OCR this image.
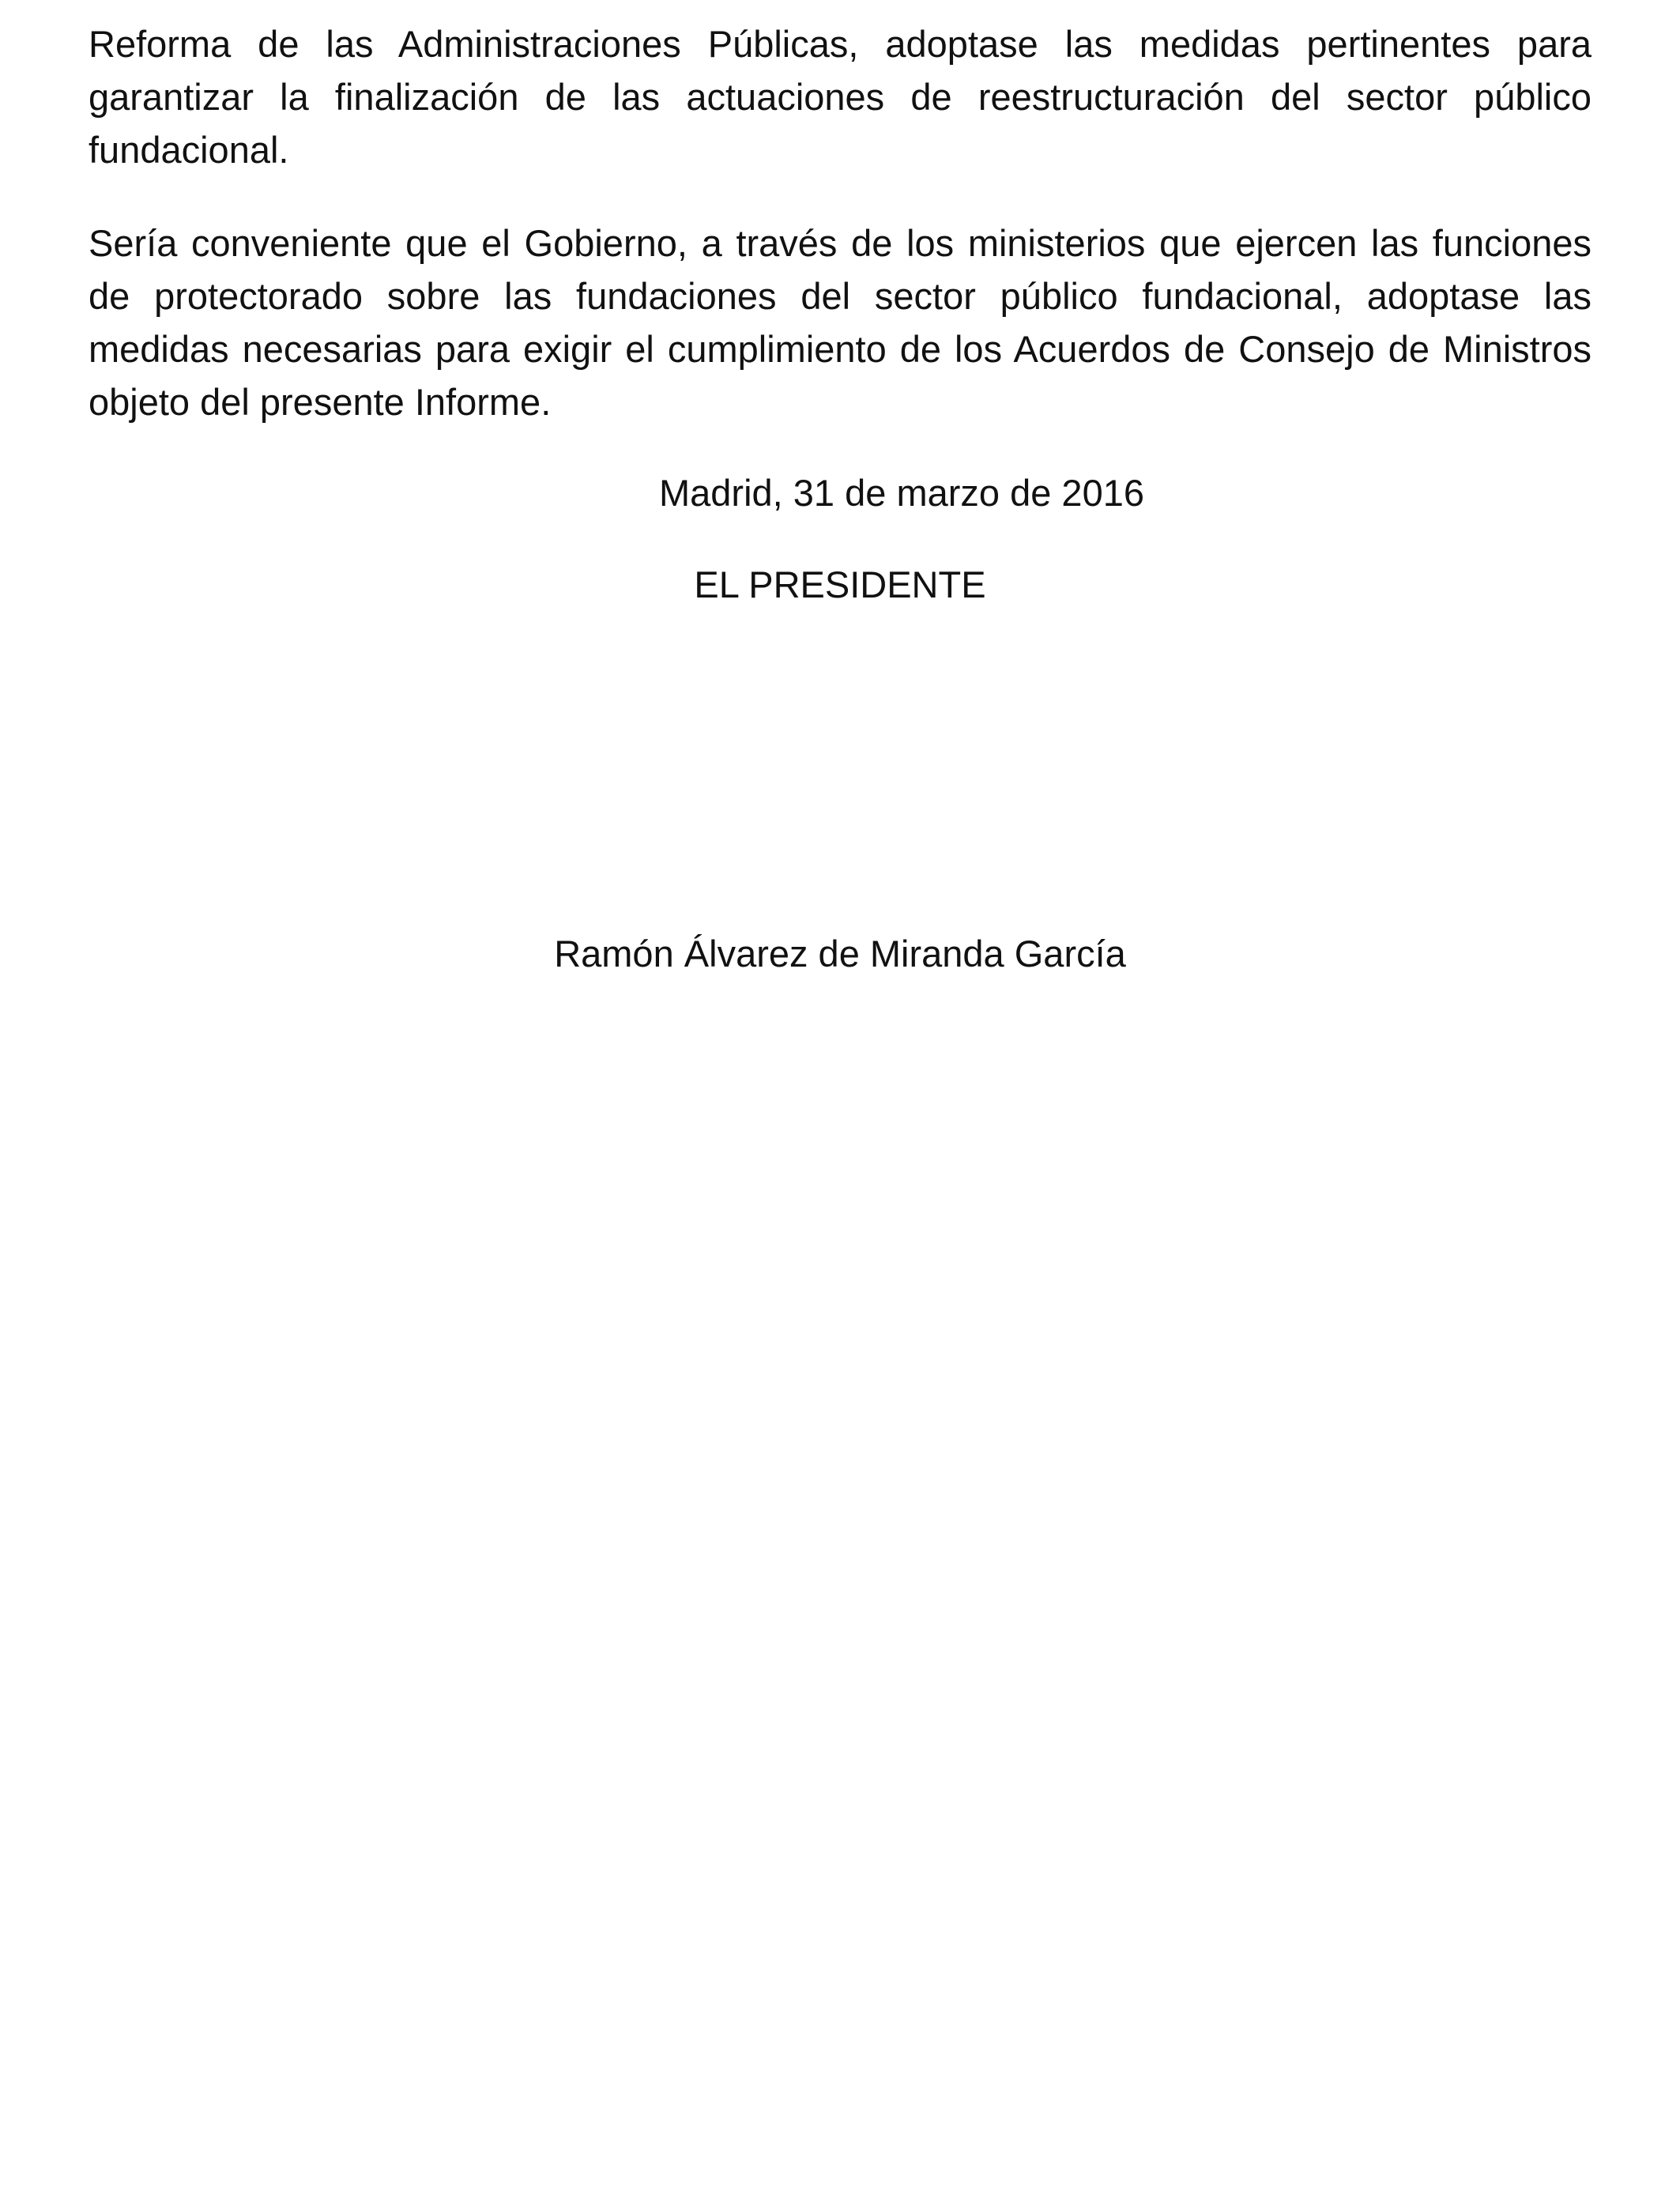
Reforma de las Administraciones Públicas, adoptase las medidas pertinentes para garantizar la finalización de las actuaciones de reestructuración del sector público fundacional.

Sería conveniente que el Gobierno, a través de los ministerios que ejercen las funciones de protectorado sobre las fundaciones del sector público fundacional, adoptase las medidas necesarias para exigir el cumplimiento de los Acuerdos de Consejo de Ministros objeto del presente Informe.

Madrid, 31 de marzo de 2016

EL PRESIDENTE

Ramón Álvarez de Miranda García
